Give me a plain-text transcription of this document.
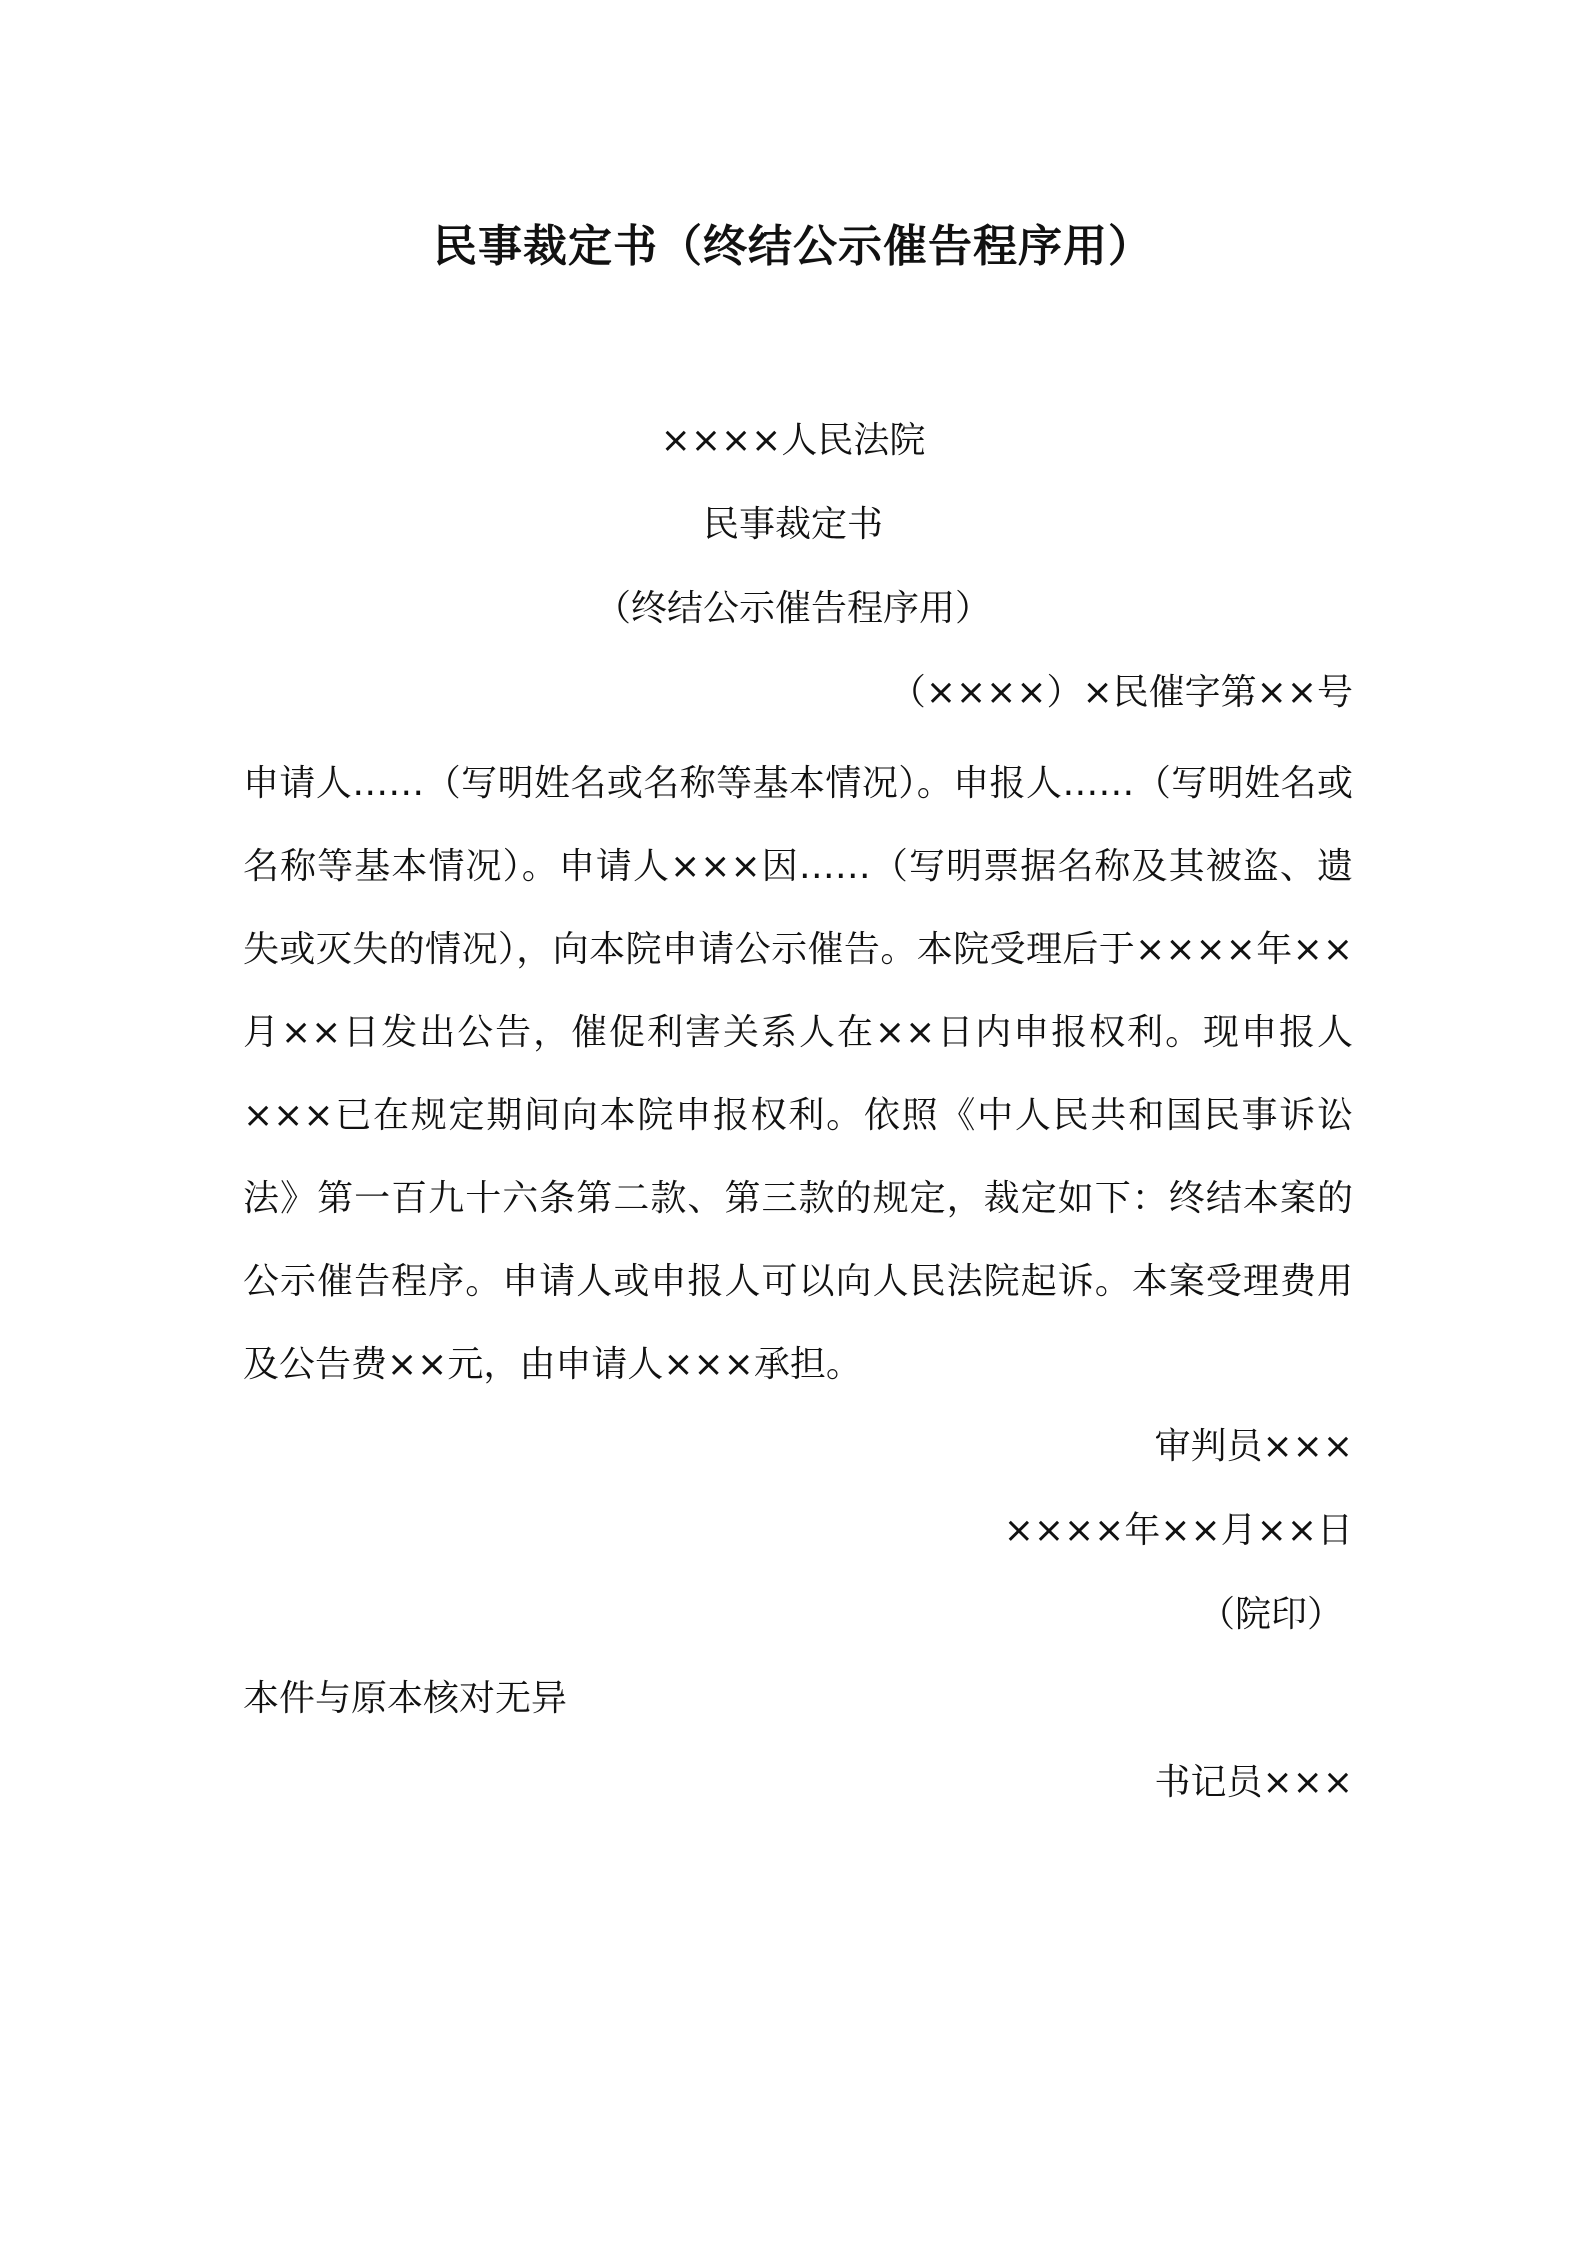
民事裁定书（终结公示催告程序用）
××××人民法院
民事裁定书
（终结公示催告程序用）
（××××）×民催字第××号
申请人……（写明姓名或名称等基本情况）。申报人……（写明姓名或名称等基本情况）。申请人×××因……（写明票据名称及其被盗、遗失或灭失的情况），向本院申请公示催告。本院受理后于××××年××月××日发出公告，催促利害关系人在××日内申报权利。现申报人×××已在规定期间向本院申报权利。依照《中人民共和国民事诉讼法》第一百九十六条第二款、第三款的规定，裁定如下：终结本案的公示催告程序。申请人或申报人可以向人民法院起诉。本案受理费用及公告费××元，由申请人×××承担。
审判员×××
××××年××月××日
（院印）
本件与原本核对无异
书记员×××
